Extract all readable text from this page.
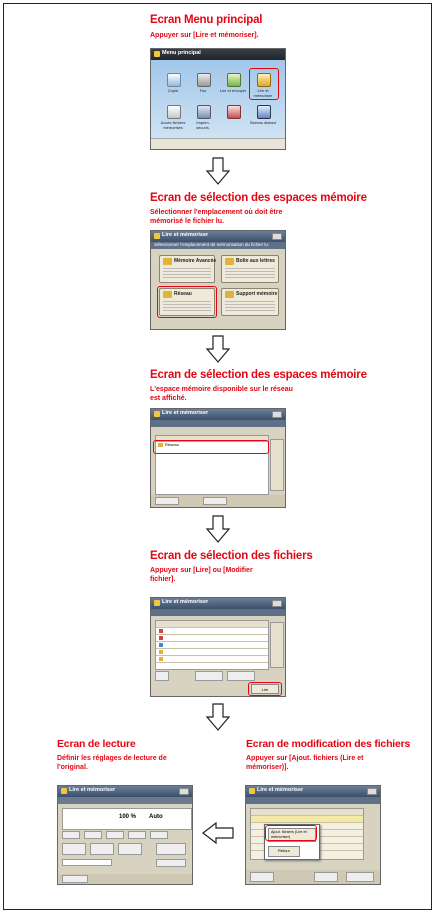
Ecran Menu principal
Appuyer sur [Lire et mémoriser].
Menu principal
Copie	Fax	Lire et envoyer	Lire et mémoriser
Accès fichiers mémorisés
Imprim. sécuris.
Bureau distant
Ecran de sélection des espaces mémoire
Sélectionner l'emplacement où doit être mémorisé le fichier lu.
Lire et mémoriser
Sélectionner l'emplacement de mémorisation du fichier lu.
Mémoire Avancée	Boîte aux lettres
Réseau	Support mémoire
Ecran de sélection des espaces mémoire
L'espace mémoire disponible sur le réseau est affiché.
Lire et mémoriser
Réseau
Ecran de sélection des fichiers
Appuyer sur [Lire] ou [Modifier fichier].
Lire et mémoriser
Lire
Ecran de modification des fichiers
Appuyer sur [Ajout. fichiers (Lire et mémoriser)].
Lire et mémoriser
Ajout. fichiers (Lire et mémoriser)
Retour
Ecran de lecture
Définir les réglages de lecture de l'original.
Lire et mémoriser
100 % Auto
